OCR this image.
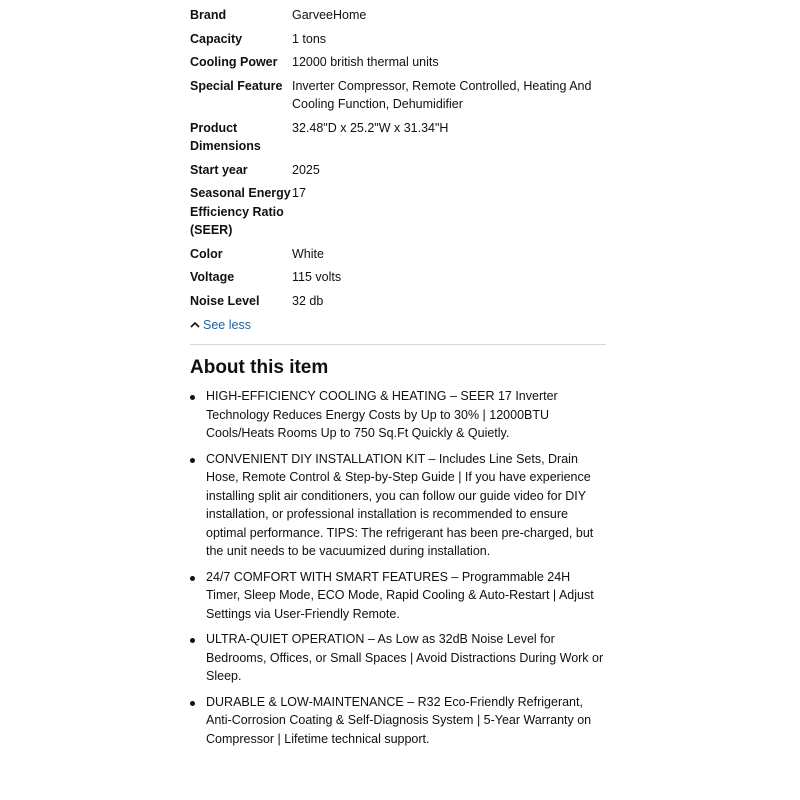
Brand	GarveeHome
Capacity	1 tons
Cooling Power	12000 british thermal units
Special Feature	Inverter Compressor, Remote Controlled, Heating And Cooling Function, Dehumidifier
Product Dimensions	32.48"D x 25.2"W x 31.34"H
Start year	2025
Seasonal Energy Efficiency Ratio (SEER)	17
Color	White
Voltage	115 volts
Noise Level	32 db
See less
About this item
HIGH-EFFICIENCY COOLING & HEATING – SEER 17 Inverter Technology Reduces Energy Costs by Up to 30% | 12000BTU Cools/Heats Rooms Up to 750 Sq.Ft Quickly & Quietly.
CONVENIENT DIY INSTALLATION KIT – Includes Line Sets, Drain Hose, Remote Control & Step-by-Step Guide | If you have experience installing split air conditioners, you can follow our guide video for DIY installation, or professional installation is recommended to ensure optimal performance. TIPS: The refrigerant has been pre-charged, but the unit needs to be vacuumized during installation.
24/7 COMFORT WITH SMART FEATURES – Programmable 24H Timer, Sleep Mode, ECO Mode, Rapid Cooling & Auto-Restart | Adjust Settings via User-Friendly Remote.
ULTRA-QUIET OPERATION – As Low as 32dB Noise Level for Bedrooms, Offices, or Small Spaces | Avoid Distractions During Work or Sleep.
DURABLE & LOW-MAINTENANCE – R32 Eco-Friendly Refrigerant, Anti-Corrosion Coating & Self-Diagnosis System | 5-Year Warranty on Compressor | Lifetime technical support.
